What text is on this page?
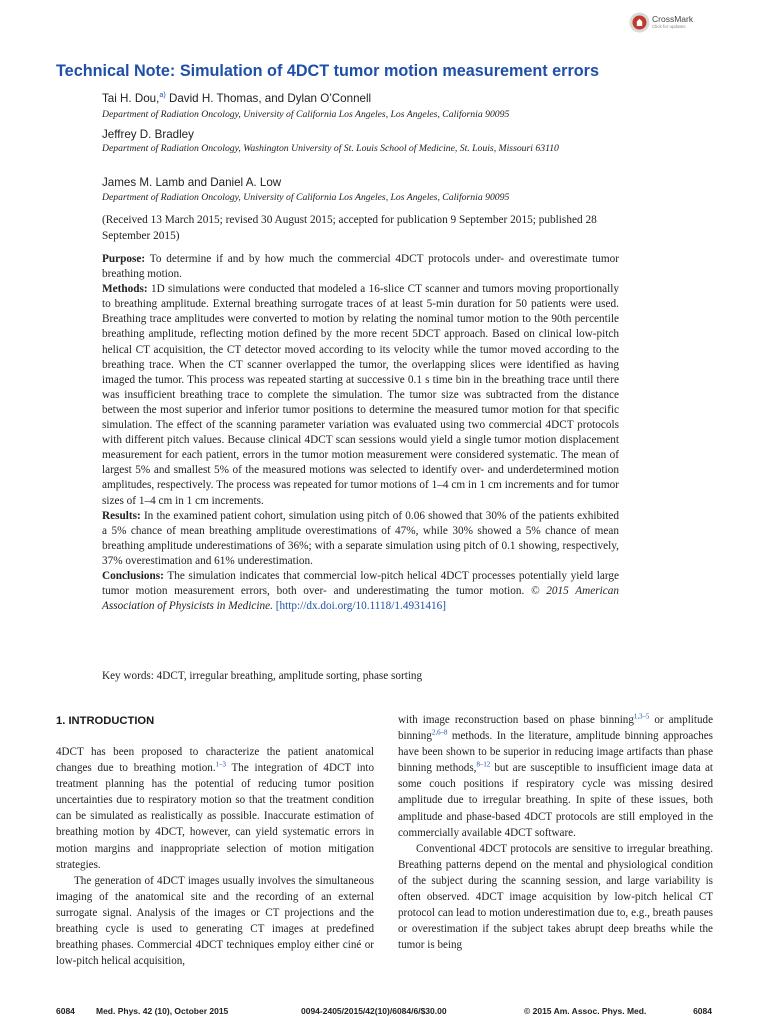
CrossMark
Click for updates
Technical Note: Simulation of 4DCT tumor motion measurement errors
Tai H. Dou,$^{a)}$ David H. Thomas, and Dylan O’Connell
Department of Radiation Oncology, University of California Los Angeles, Los Angeles, California 90095
Jeffrey D. Bradley
Department of Radiation Oncology, Washington University of St. Louis School of Medicine, St. Louis, Missouri 63110
James M. Lamb and Daniel A. Low
Department of Radiation Oncology, University of California Los Angeles, Los Angeles, California 90095
(Received 13 March 2015; revised 30 August 2015; accepted for publication 9 September 2015; published 28 September 2015)

Purpose: To determine if and by how much the commercial 4DCT protocols under- and overestimate tumor breathing motion.

Methods: 1D simulations were conducted that modeled a 16-slice CT scanner and tumors moving proportionally to breathing amplitude. External breathing surrogate traces of at least 5-min duration for 50 patients were used. Breathing trace amplitudes were converted to motion by relating the nominal tumor motion to the 90th percentile breathing amplitude, reflecting motion defined by the more recent 5DCT approach. Based on clinical low-pitch helical CT acquisition, the CT detector moved according to its velocity while the tumor moved according to the breathing trace. When the CT scanner overlapped the tumor, the overlapping slices were identified as having imaged the tumor. This process was repeated starting at successive 0.1 s time bin in the breathing trace until there was insufficient breathing trace to complete the simulation. The tumor size was subtracted from the distance between the most superior and inferior tumor positions to determine the measured tumor motion for that specific simulation. The effect of the scanning parameter variation was evaluated using two commercial 4DCT protocols with different pitch values. Because clinical 4DCT scan sessions would yield a single tumor motion displacement measurement for each patient, errors in the tumor motion measurement were considered systematic. The mean of largest 5% and smallest 5% of the measured motions was selected to identify over- and underdetermined motion amplitudes, respectively. The process was repeated for tumor motions of 1–4 cm in 1 cm increments and for tumor sizes of 1–4 cm in 1 cm increments.

Results: In the examined patient cohort, simulation using pitch of 0.06 showed that 30% of the patients exhibited a 5% chance of mean breathing amplitude overestimations of 47%, while 30% showed a 5% chance of mean breathing amplitude underestimations of 36%; with a separate simulation using pitch of 0.1 showing, respectively, 37% overestimation and 61% underestimation.

Conclusions: The simulation indicates that commercial low-pitch helical 4DCT processes potentially yield large tumor motion measurement errors, both over- and underestimating the tumor motion. © 2015 American Association of Physicists in Medicine. [http://dx.doi.org/10.1118/1.4931416]

Key words: 4DCT, irregular breathing, amplitude sorting, phase sorting
1. INTRODUCTION

4DCT has been proposed to characterize the patient anatomical changes due to breathing motion.$^{1-3}$ The integration of 4DCT into treatment planning has the potential of reducing tumor position uncertainties due to respiratory motion so that the treatment condition can be simulated as realistically as possible. Inaccurate estimation of breathing motion by 4DCT, however, can yield systematic errors in motion margins and inappropriate selection of motion mitigation strategies.

The generation of 4DCT images usually involves the simultaneous imaging of the anatomical site and the recording of an external surrogate signal. Analysis of the images or CT projections and the breathing cycle is used to generating CT images at predefined breathing phases. Commercial 4DCT techniques employ either ciné or low-pitch helical acquisition,

with image reconstruction based on phase binning$^{1,3-5}$ or amplitude binning$^{2,6-8}$ methods. In the literature, amplitude binning approaches have been shown to be superior in reducing image artifacts than phase binning methods,$^{8-12}$ but are susceptible to insufficient image data at some couch positions if respiratory cycle was missing desired amplitude due to irregular breathing. In spite of these issues, both amplitude and phase-based 4DCT protocols are still employed in the commercially available 4DCT software.

Conventional 4DCT protocols are sensitive to irregular breathing. Breathing patterns depend on the mental and physiological condition of the subject during the scanning session, and large variability is often observed. 4DCT image acquisition by low-pitch helical CT protocol can lead to motion underestimation due to, e.g., breath pauses or overestimation if the subject takes abrupt deep breaths while the tumor is being

6084 Med. Phys. 42 (10), October 2015	0094-2405/2015/42(10)/6084/6/$30.00	© 2015 Am. Assoc. Phys. Med.	6084
